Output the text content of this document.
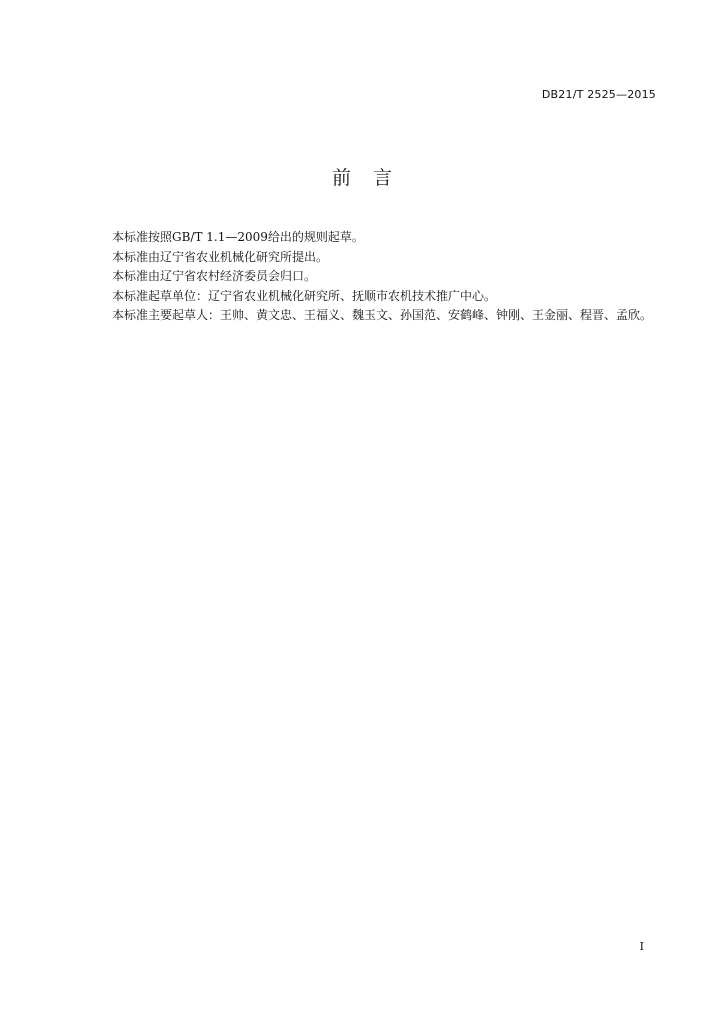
DB21/T 2525—2015
前言

本标准按照GB/T 1.1—2009给出的规则起草。

本标准由辽宁省农业机械化研究所提出。

本标准由辽宁省农村经济委员会归口。

本标准起草单位：辽宁省农业机械化研究所、抚顺市农机技术推广中心。

本标准主要起草人：王帅、黄文忠、王福义、魏玉文、孙国范、安鹤峰、钟刚、王金丽、程晋、孟欣。

I
